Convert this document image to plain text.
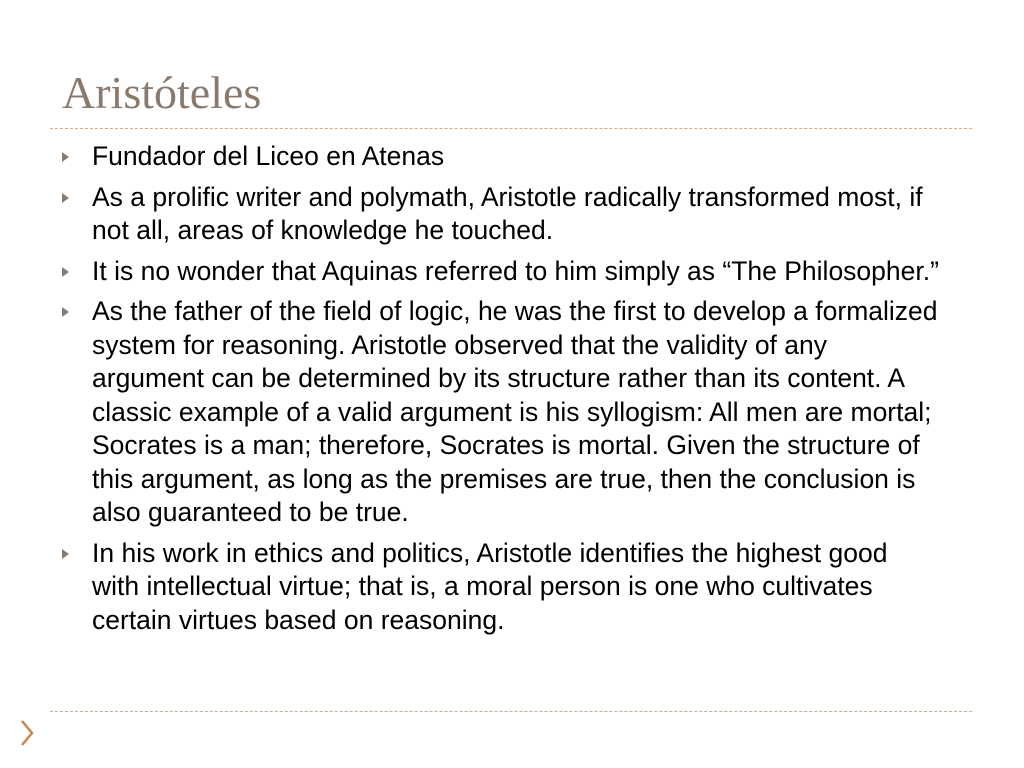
Aristóteles
Fundador del Liceo en Atenas
As a prolific writer and polymath, Aristotle radically transformed most, if not all, areas of knowledge he touched.
It is no wonder that Aquinas referred to him simply as “The Philosopher.”
As the father of the field of logic, he was the first to develop a formalized system for reasoning. Aristotle observed that the validity of any argument can be determined by its structure rather than its content. A classic example of a valid argument is his syllogism: All men are mortal; Socrates is a man; therefore, Socrates is mortal. Given the structure of this argument, as long as the premises are true, then the conclusion is also guaranteed to be true.
In his work in ethics and politics, Aristotle identifies the highest good with intellectual virtue; that is, a moral person is one who cultivates certain virtues based on reasoning.
